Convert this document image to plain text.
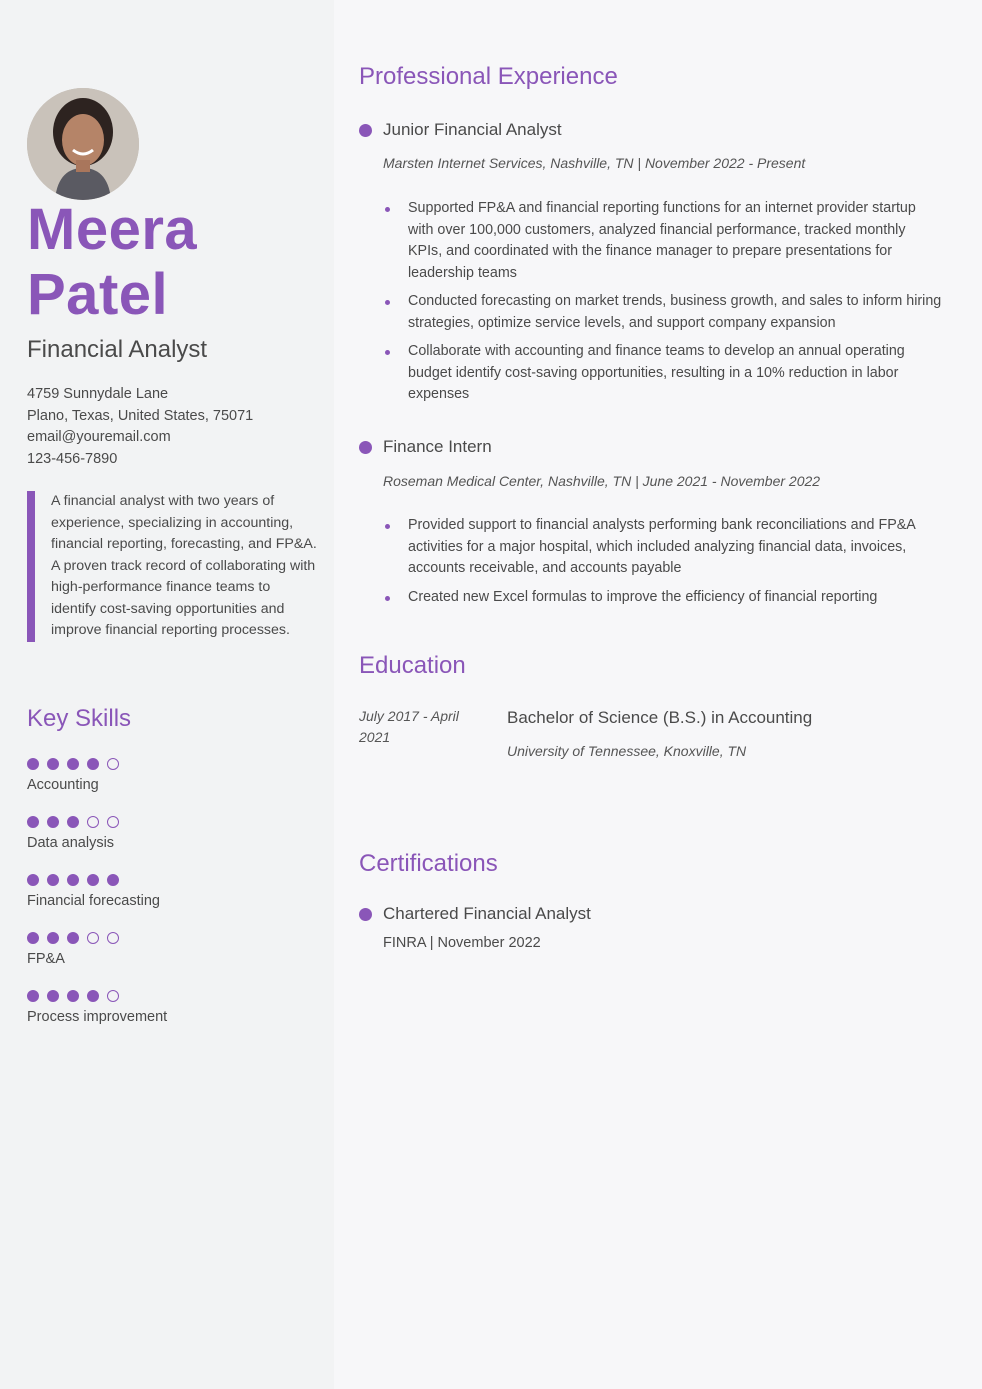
Meera
Patel
Financial Analyst
4759 Sunnydale Lane
Plano, Texas, United States, 75071
email@youremail.com
123-456-7890
A financial analyst with two years of experience, specializing in accounting, financial reporting, forecasting, and FP&A. A proven track record of collaborating with high-performance finance teams to identify cost-saving opportunities and improve financial reporting processes.
Key Skills
Accounting
Data analysis
Financial forecasting
FP&A
Process improvement
Professional Experience
Junior Financial Analyst
Marsten Internet Services, Nashville, TN | November 2022 - Present
Supported FP&A and financial reporting functions for an internet provider startup with over 100,000 customers, analyzed financial performance, tracked monthly KPIs, and coordinated with the finance manager to prepare presentations for leadership teams
Conducted forecasting on market trends, business growth, and sales to inform hiring strategies, optimize service levels, and support company expansion
Collaborate with accounting and finance teams to develop an annual operating budget identify cost-saving opportunities, resulting in a 10% reduction in labor expenses
Finance Intern
Roseman Medical Center, Nashville, TN | June 2021 - November 2022
Provided support to financial analysts performing bank reconciliations and FP&A activities for a major hospital, which included analyzing financial data, invoices, accounts receivable, and accounts payable
Created new Excel formulas to improve the efficiency of financial reporting
Education
July 2017 - April 2021
Bachelor of Science (B.S.) in Accounting
University of Tennessee, Knoxville, TN
Certifications
Chartered Financial Analyst
FINRA | November 2022
